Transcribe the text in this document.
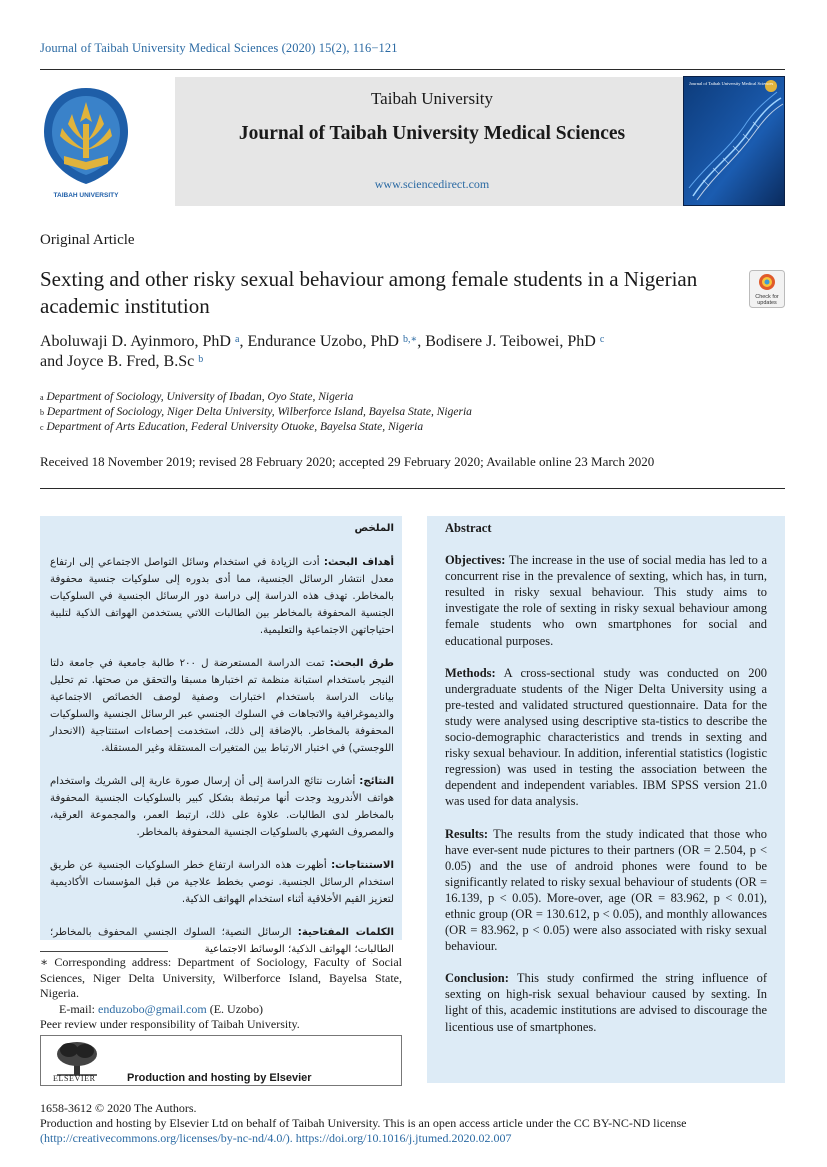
Journal of Taibah University Medical Sciences (2020) 15(2), 116−121
TAIBAH UNIVERSITY
Taibah University
Journal of Taibah University Medical Sciences
www.sciencedirect.com
Journal of Taibah University Medical Sciences
Original Article
Sexting and other risky sexual behaviour among female students in a Nigerian academic institution	Check for
updates
Aboluwaji D. Ayinmoro, PhD $^a$, Endurance Uzobo, PhD $^{b,∗}$, Bodisere J. Teibowei, PhD $^c$
and Joyce B. Fred, B.Sc $^b$
$^a$ Department of Sociology, University of Ibadan, Oyo State, Nigeria
$^b$ Department of Sociology, Niger Delta University, Wilberforce Island, Bayelsa State, Nigeria
$^c$ Department of Arts Education, Federal University Otuoke, Bayelsa State, Nigeria
Received 18 November 2019; revised 28 February 2020; accepted 29 February 2020; Available online 23 March 2020
الملخص

أهداف البحث: أدت الزيادة في استخدام وسائل التواصل الاجتماعي إلى ارتفاع معدل انتشار الرسائل الجنسية، مما أدى بدوره إلى سلوكيات جنسية محفوفة بالمخاطر. تهدف هذه الدراسة إلى دراسة دور الرسائل الجنسية في السلوكيات الجنسية المحفوفة بالمخاطر بين الطالبات اللاتي يستخدمن الهواتف الذكية لتلبية احتياجاتهن الاجتماعية والتعليمية.

طرق البحث: تمت الدراسة المستعرضة ل ٢٠٠ طالبة جامعية في جامعة دلتا النيجر باستخدام استبانة منظمة تم اختبارها مسبقا والتحقق من صحتها. تم تحليل بيانات الدراسة باستخدام اختبارات وصفية لوصف الخصائص الاجتماعية والديموغرافية والاتجاهات في السلوك الجنسي عبر الرسائل الجنسية والسلوكيات المحفوفة بالمخاطر. بالإضافة إلى ذلك، استخدمت إحصاءات استنتاجية (الانحدار اللوجستي) في اختبار الارتباط بين المتغيرات المستقلة وغير المستقلة.

النتائج: أشارت نتائج الدراسة إلى أن إرسال صورة عارية إلى الشريك واستخدام هواتف الأندرويد وجدت أنها مرتبطة بشكل كبير بالسلوكيات الجنسية المحفوفة بالمخاطر لدى الطالبات. علاوة على ذلك، ارتبط العمر، والمجموعة العرقية، والمصروف الشهري بالسلوكيات الجنسية المحفوفة بالمخاطر.

الاستنتاجات: أظهرت هذه الدراسة ارتفاع خطر السلوكيات الجنسية عن طريق استخدام الرسائل الجنسية. نوصي بخطط علاجية من قبل المؤسسات الأكاديمية لتعزيز القيم الأخلاقية أثناء استخدام الهواتف الذكية.

الكلمات المفتاحية: الرسائل النصية؛ السلوك الجنسي المحفوف بالمخاطر؛ الطالبات؛ الهواتف الذكية؛ الوسائط الاجتماعية

Abstract

Objectives: The increase in the use of social media has led to a concurrent rise in the prevalence of sexting, which has, in turn, resulted in risky sexual behaviour. This study aims to investigate the role of sexting in risky sexual behaviour among female students who own smartphones for social and educational purposes.

Methods: A cross-sectional study was conducted on 200 undergraduate students of the Niger Delta University using a pre-tested and validated structured questionnaire. Data for the study were analysed using descriptive sta-tistics to describe the socio-demographic characteristics and trends in sexting and risky sexual behaviour. In addition, inferential statistics (logistic regression) was used in testing the association between the dependent and independent variables. IBM SPSS version 21.0 was used for data analysis.

Results: The results from the study indicated that those who have ever-sent nude pictures to their partners (OR = 2.504, p < 0.05) and the use of android phones were found to be significantly related to risky sexual behaviour of students (OR = 16.139, p < 0.05). More-over, age (OR = 83.962, p < 0.01), ethnic group (OR = 130.612, p < 0.05), and monthly allowances (OR = 83.962, p < 0.05) were also associated with risky sexual behaviour.

Conclusion: This study confirmed the string influence of sexting on high-risk sexual behaviour caused by sexting. In light of this, academic institutions are advised to discourage the licentious use of smartphones.

∗ Corresponding address: Department of Sociology, Faculty of Social Sciences, Niger Delta University, Wilberforce Island, Bayelsa State, Nigeria.
E-mail: enduzobo@gmail.com (E. Uzobo)
Peer review under responsibility of Taibah University.
ELSEVIER	Production and hosting by Elsevier
1658-3612 © 2020 The Authors.
Production and hosting by Elsevier Ltd on behalf of Taibah University. This is an open access article under the CC BY-NC-ND license
(http://creativecommons.org/licenses/by-nc-nd/4.0/). https://doi.org/10.1016/j.jtumed.2020.02.007
